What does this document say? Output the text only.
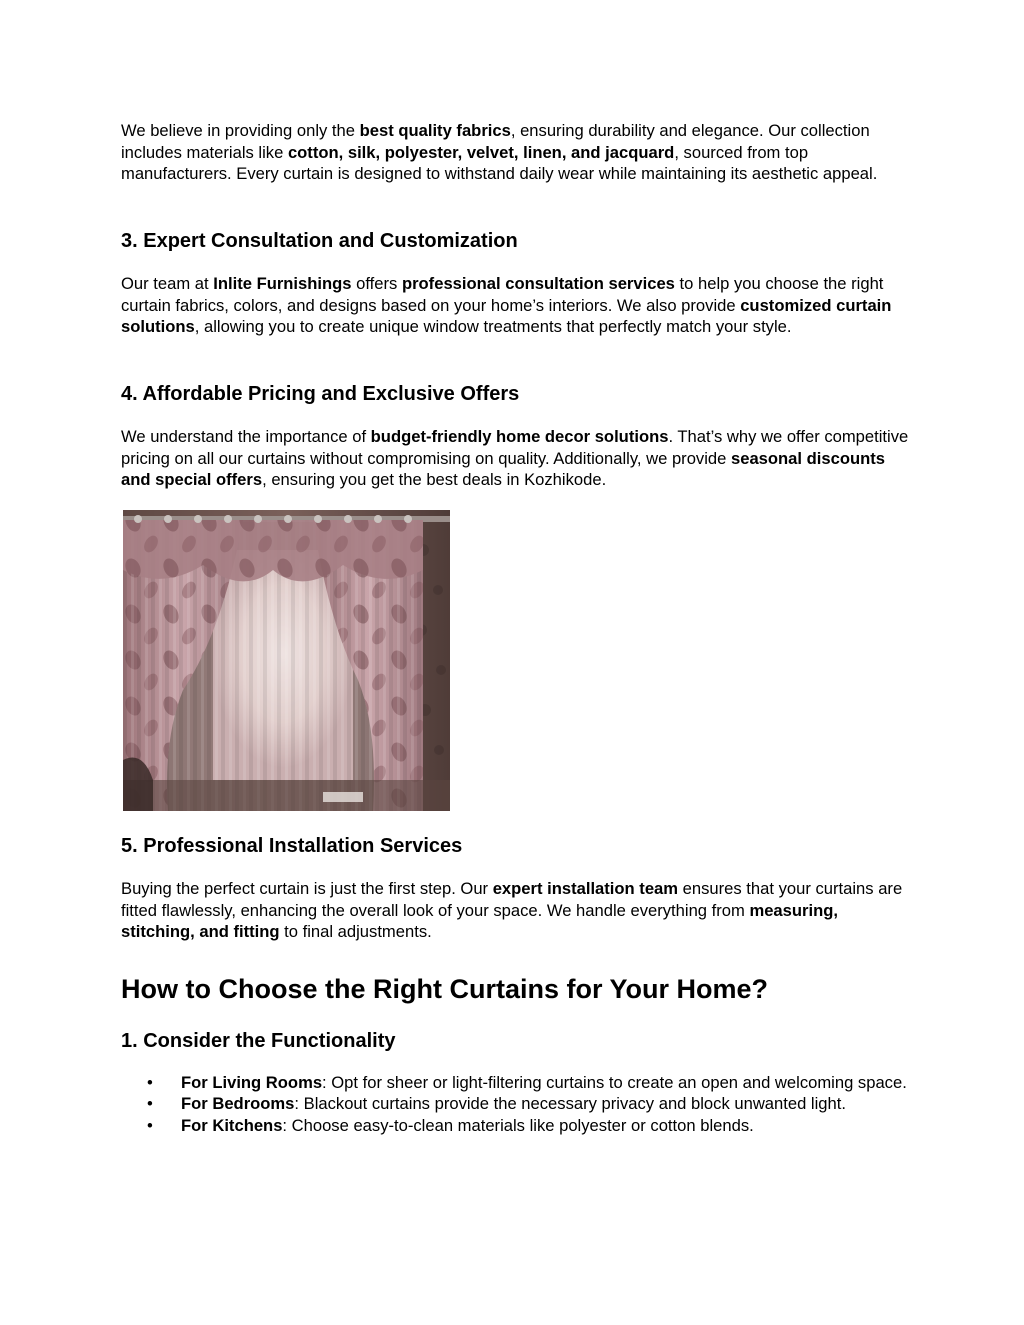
We believe in providing only the best quality fabrics, ensuring durability and elegance. Our collection includes materials like cotton, silk, polyester, velvet, linen, and jacquard, sourced from top manufacturers. Every curtain is designed to withstand daily wear while maintaining its aesthetic appeal.

3. Expert Consultation and Customization

Our team at Inlite Furnishings offers professional consultation services to help you choose the right curtain fabrics, colors, and designs based on your home’s interiors. We also provide customized curtain solutions, allowing you to create unique window treatments that perfectly match your style.

4. Affordable Pricing and Exclusive Offers

We understand the importance of budget-friendly home decor solutions. That’s why we offer competitive pricing on all our curtains without compromising on quality. Additionally, we provide seasonal discounts and special offers, ensuring you get the best deals in Kozhikode.

5. Professional Installation Services

Buying the perfect curtain is just the first step. Our expert installation team ensures that your curtains are fitted flawlessly, enhancing the overall look of your space. We handle everything from measuring, stitching, and fitting to final adjustments.

How to Choose the Right Curtains for Your Home?
1. Consider the Functionality
• For Living Rooms: Opt for sheer or light-filtering curtains to create an open and welcoming space.
• For Bedrooms: Blackout curtains provide the necessary privacy and block unwanted light.
• For Kitchens: Choose easy-to-clean materials like polyester or cotton blends.
